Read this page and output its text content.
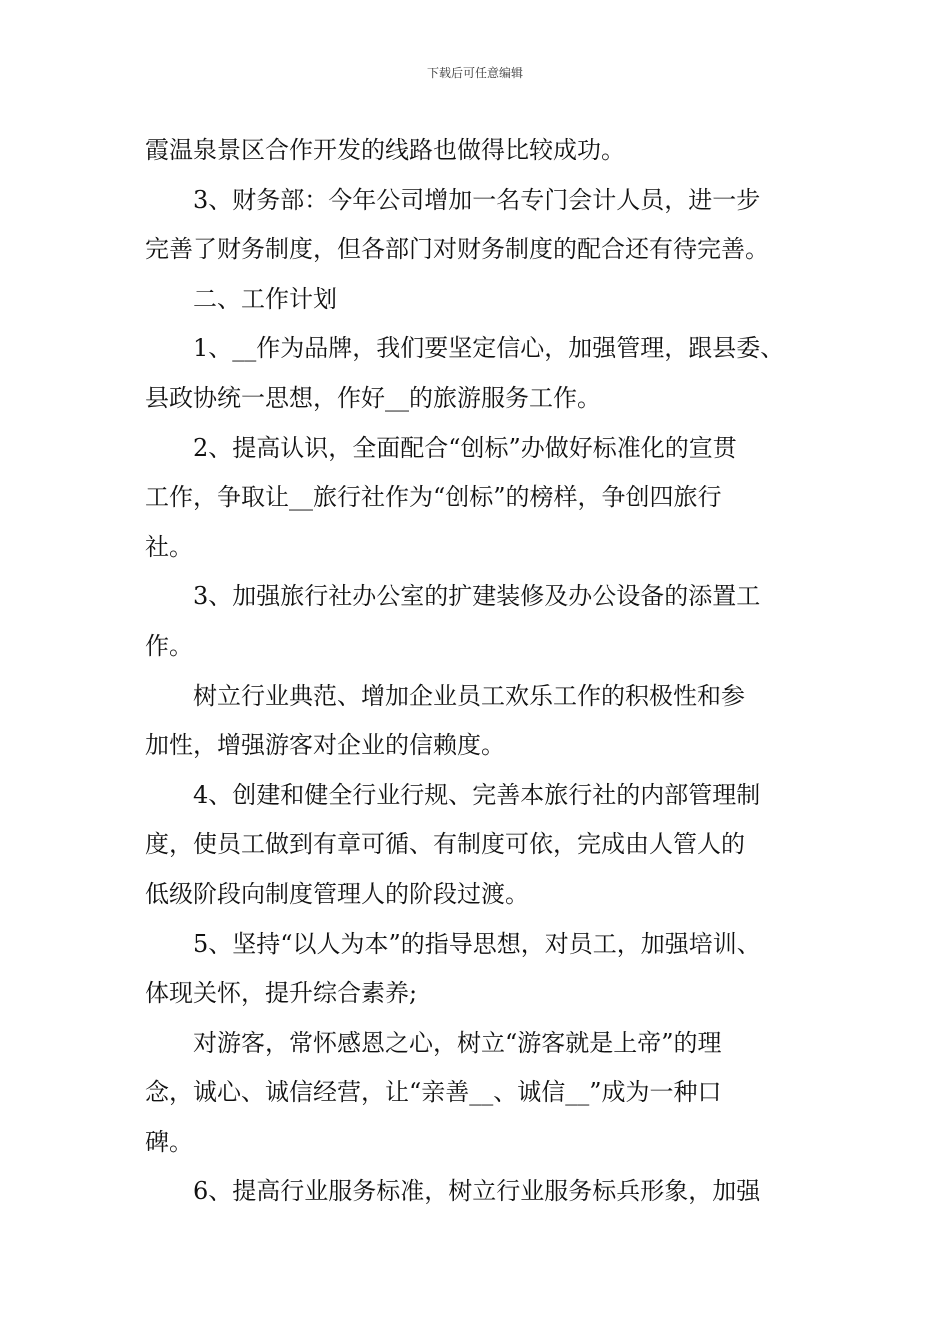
下载后可任意编辑

霞温泉景区合作开发的线路也做得比较成功。

3、财务部：今年公司增加一名专门会计人员，进一步

完善了财务制度，但各部门对财务制度的配合还有待完善。

二、工作计划

1、__作为品牌，我们要坚定信心，加强管理，跟县委、

县政协统一思想，作好__的旅游服务工作。

2、提高认识，全面配合“创标”办做好标准化的宣贯

工作，争取让__旅行社作为“创标”的榜样，争创四旅行

社。

3、加强旅行社办公室的扩建装修及办公设备的添置工

作。

树立行业典范、增加企业员工欢乐工作的积极性和参

加性，增强游客对企业的信赖度。

4、创建和健全行业行规、完善本旅行社的内部管理制

度，使员工做到有章可循、有制度可依，完成由人管人的

低级阶段向制度管理人的阶段过渡。

5、坚持“以人为本”的指导思想，对员工，加强培训、

体现关怀，提升综合素养;

对游客，常怀感恩之心，树立“游客就是上帝”的理

念，诚心、诚信经营，让“亲善__、诚信__”成为一种口

碑。

6、提高行业服务标准，树立行业服务标兵形象，加强
